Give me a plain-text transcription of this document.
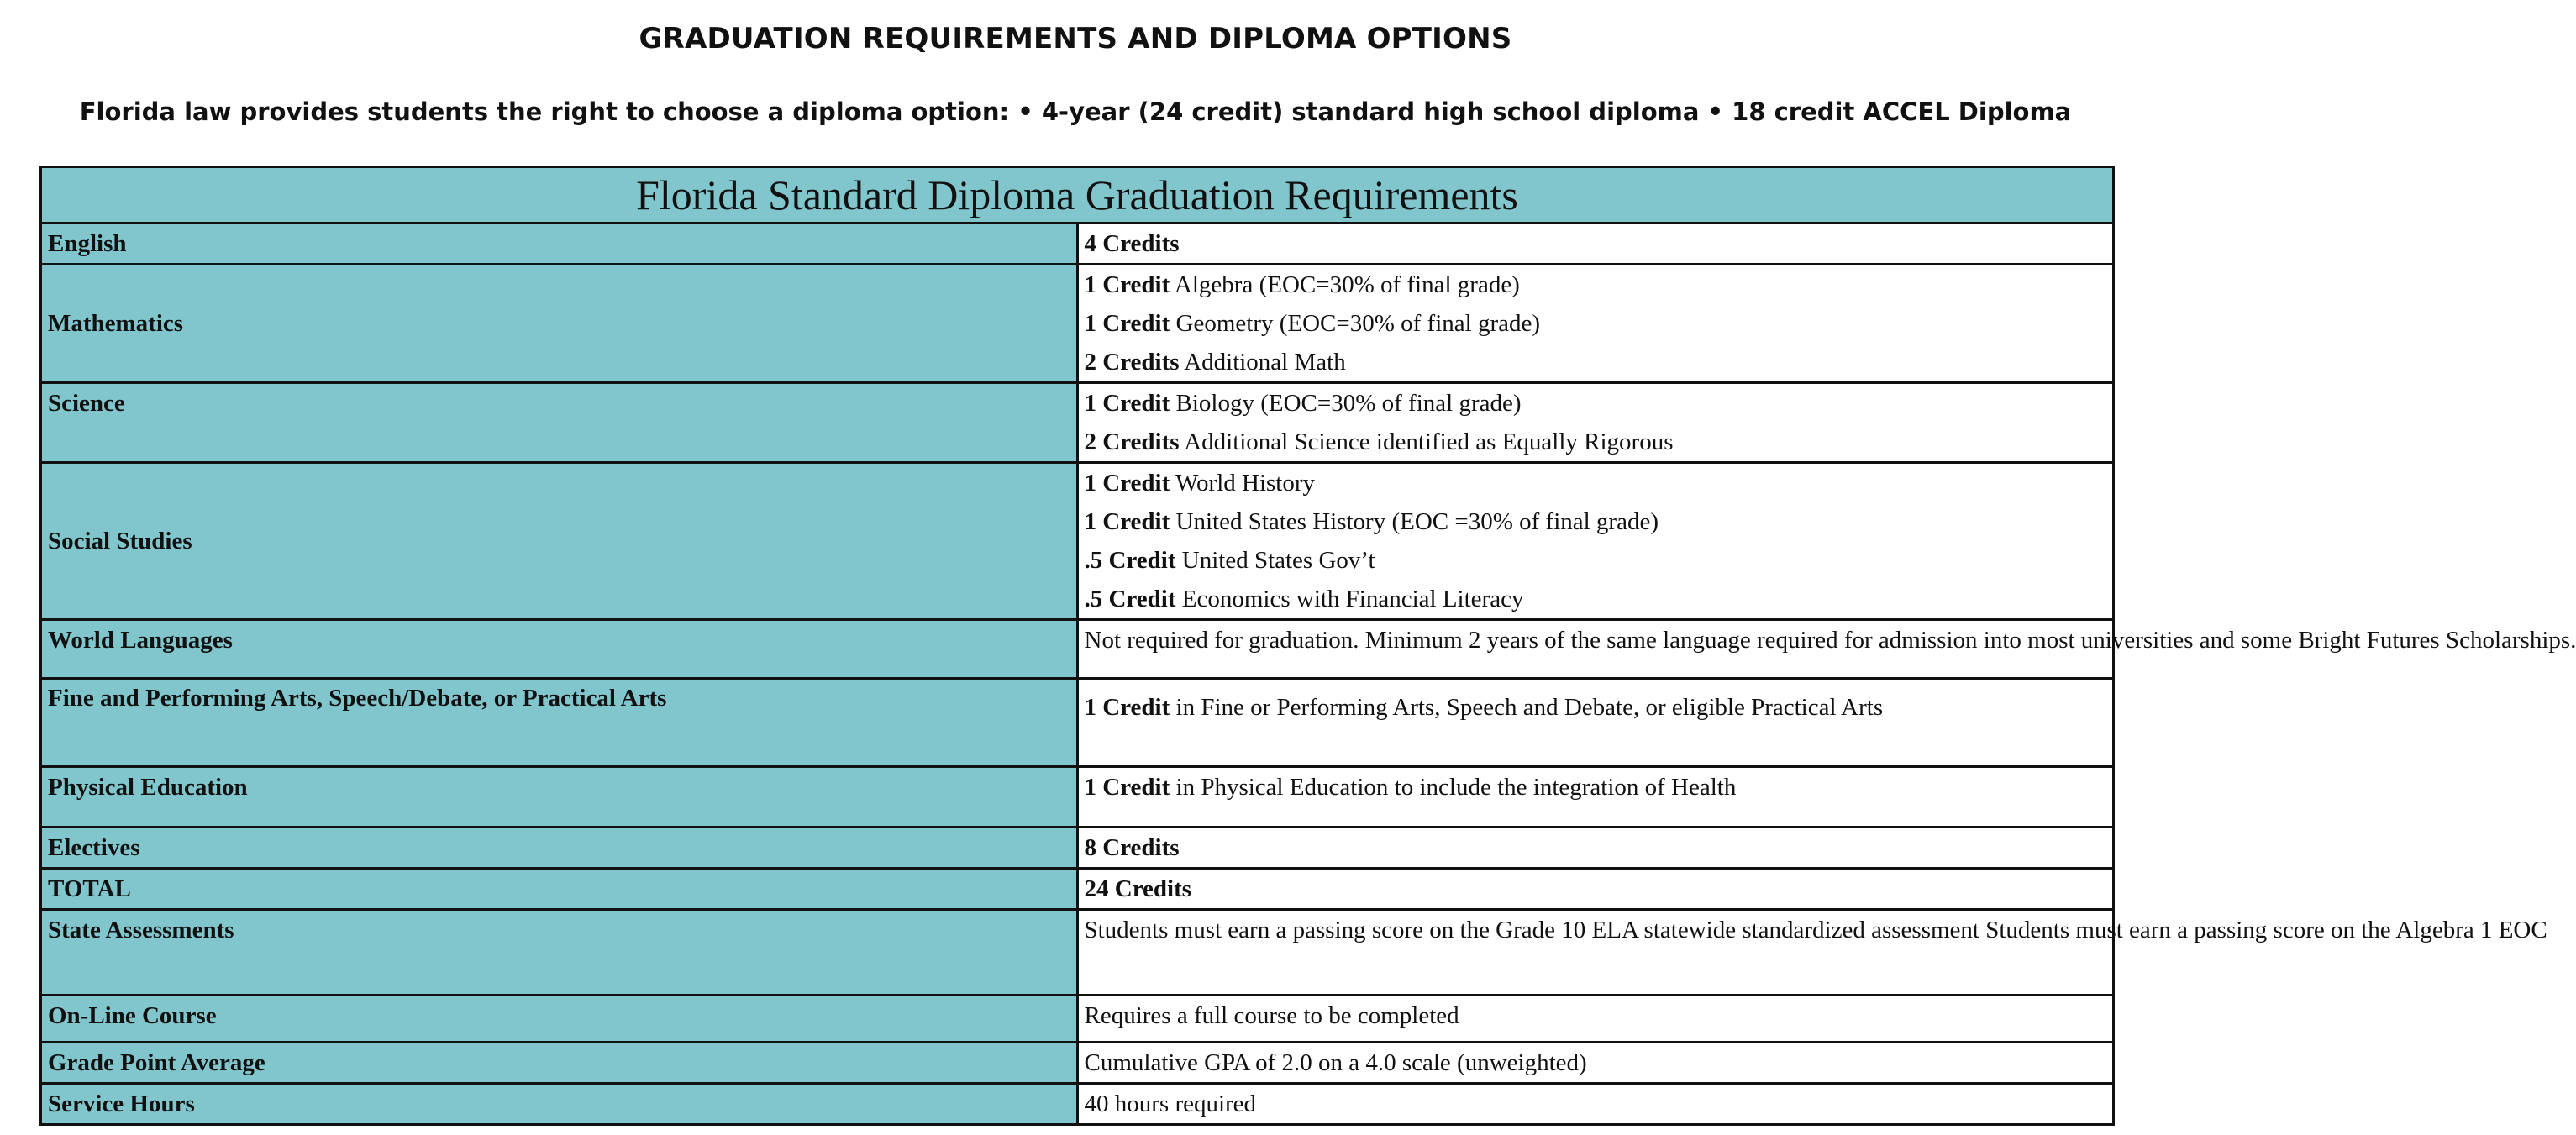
GRADUATION REQUIREMENTS AND DIPLOMA OPTIONS
Florida law provides students the right to choose a diploma option: • 4-year (24 credit) standard high school diploma • 18 credit ACCEL Diploma
Florida Standard Diploma Graduation Requirements	
English	4 Credits

Mathematics	1 Credit Algebra (EOC=30% of final grade)
1 Credit Geometry (EOC=30% of final grade)
2 Credits Additional Math

Science	1 Credit Biology (EOC=30% of final grade)
2 Credits Additional Science identified as Equally Rigorous

Social Studies	1 Credit World History
1 Credit United States History (EOC =30% of final grade)
.5 Credit United States Gov’t
.5 Credit Economics with Financial Literacy

World Languages	Not required for graduation. Minimum 2 years of the same language required for admission into most universities and some Bright Futures Scholarships.

Fine and Performing Arts, Speech/Debate, or Practical Arts	1 Credit in Fine or Performing Arts, Speech and Debate, or eligible Practical Arts

Physical Education	1 Credit in Physical Education to include the integration of Health

Electives	8 Credits

TOTAL	24 Credits

State Assessments	Students must earn a passing score on the Grade 10 ELA statewide standardized assessment Students must earn a passing score on the Algebra 1 EOC

On-Line Course	Requires a full course to be completed

Grade Point Average	Cumulative GPA of 2.0 on a 4.0 scale (unweighted)

Service Hours	40 hours required
